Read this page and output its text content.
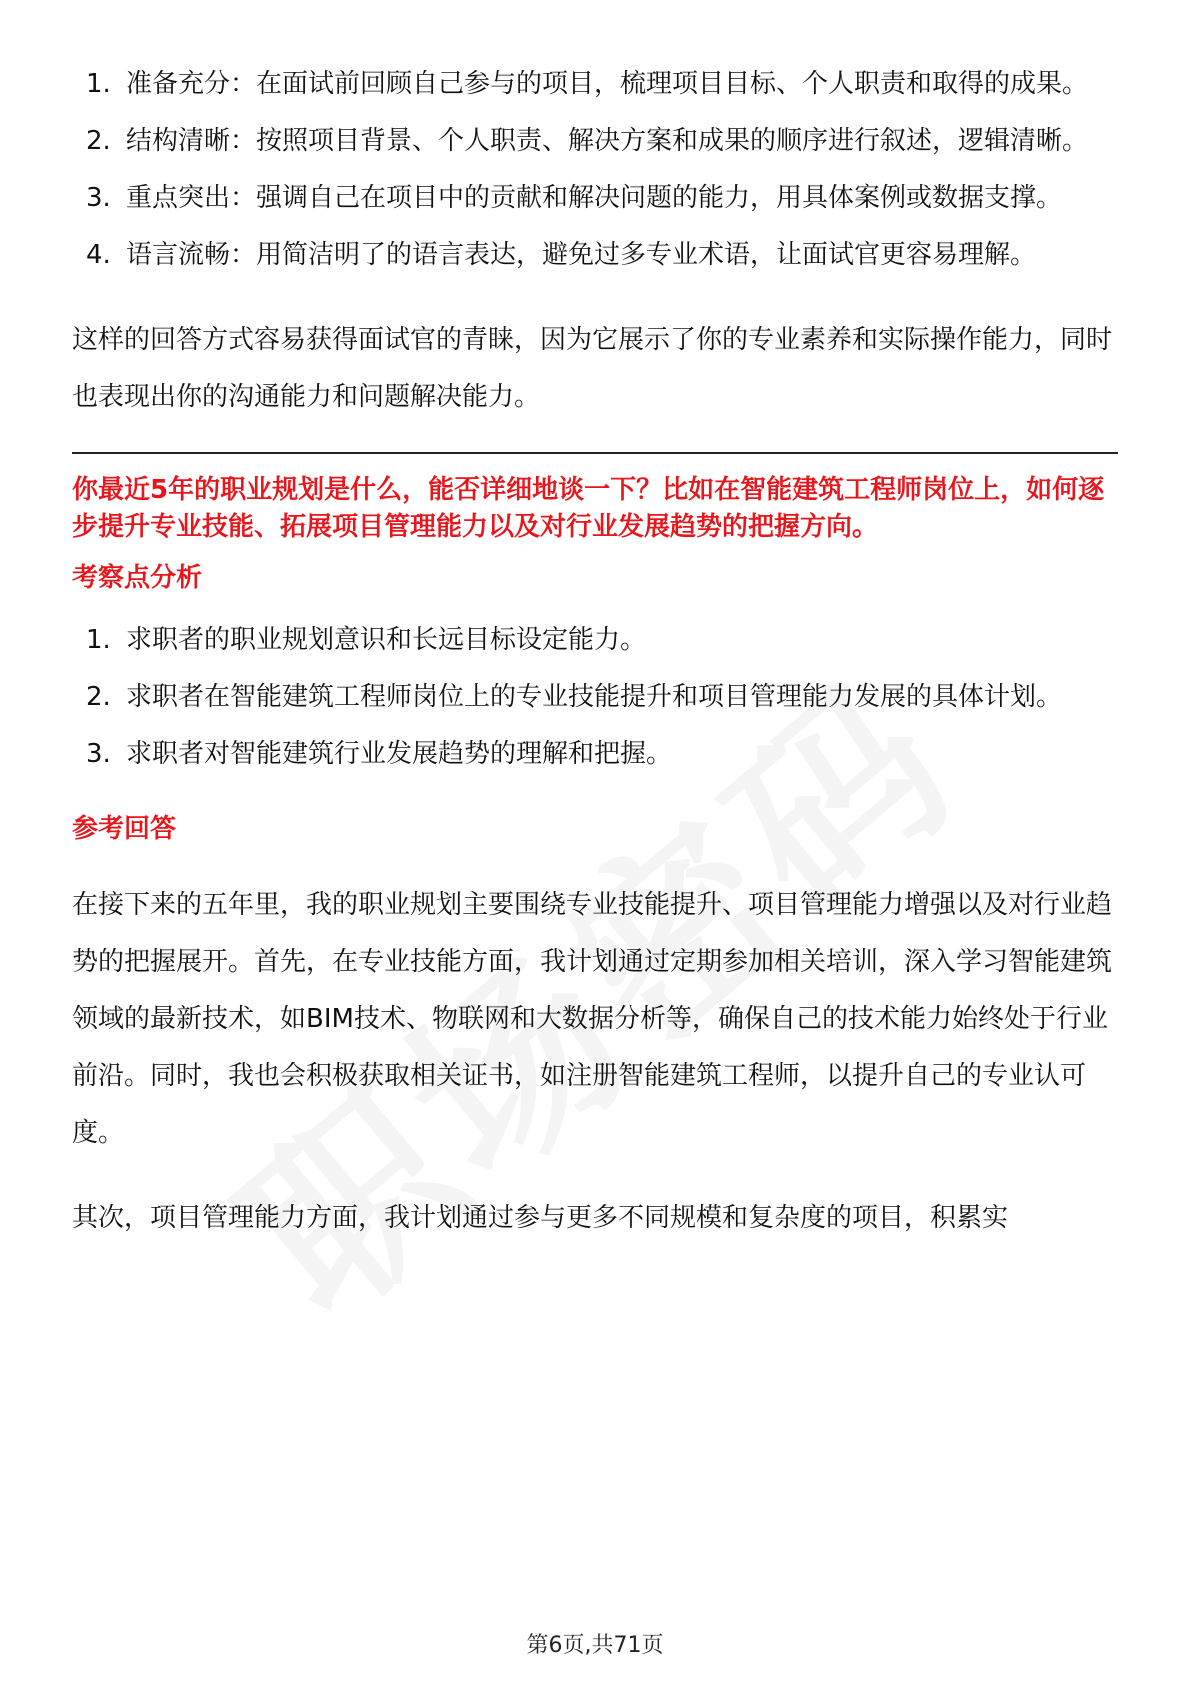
1. 准备充分：在面试前回顾自己参与的项目，梳理项目目标、个人职责和取得的成果。
2. 结构清晰：按照项目背景、个人职责、解决方案和成果的顺序进行叙述，逻辑清晰。
3. 重点突出：强调自己在项目中的贡献和解决问题的能力，用具体案例或数据支撑。
4. 语言流畅：用简洁明了的语言表达，避免过多专业术语，让面试官更容易理解。

这样的回答方式容易获得面试官的青睐，因为它展示了你的专业素养和实际操作能力，同时也表现出你的沟通能力和问题解决能力。

你最近5年的职业规划是什么，能否详细地谈一下？比如在智能建筑工程师岗位上，如何逐步提升专业技能、拓展项目管理能力以及对行业发展趋势的把握方向。

考察点分析
1. 求职者的职业规划意识和长远目标设定能力。
2. 求职者在智能建筑工程师岗位上的专业技能提升和项目管理能力发展的具体计划。
3. 求职者对智能建筑行业发展趋势的理解和把握。
参考回答

在接下来的五年里，我的职业规划主要围绕专业技能提升、项目管理能力增强以及对行业趋势的把握展开。首先，在专业技能方面，我计划通过定期参加相关培训，深入学习智能建筑领域的最新技术，如BIM技术、物联网和大数据分析等，确保自己的技术能力始终处于行业前沿。同时，我也会积极获取相关证书，如注册智能建筑工程师，以提升自己的专业认可度。

其次，项目管理能力方面，我计划通过参与更多不同规模和复杂度的项目，积累实

第6页,共71页
